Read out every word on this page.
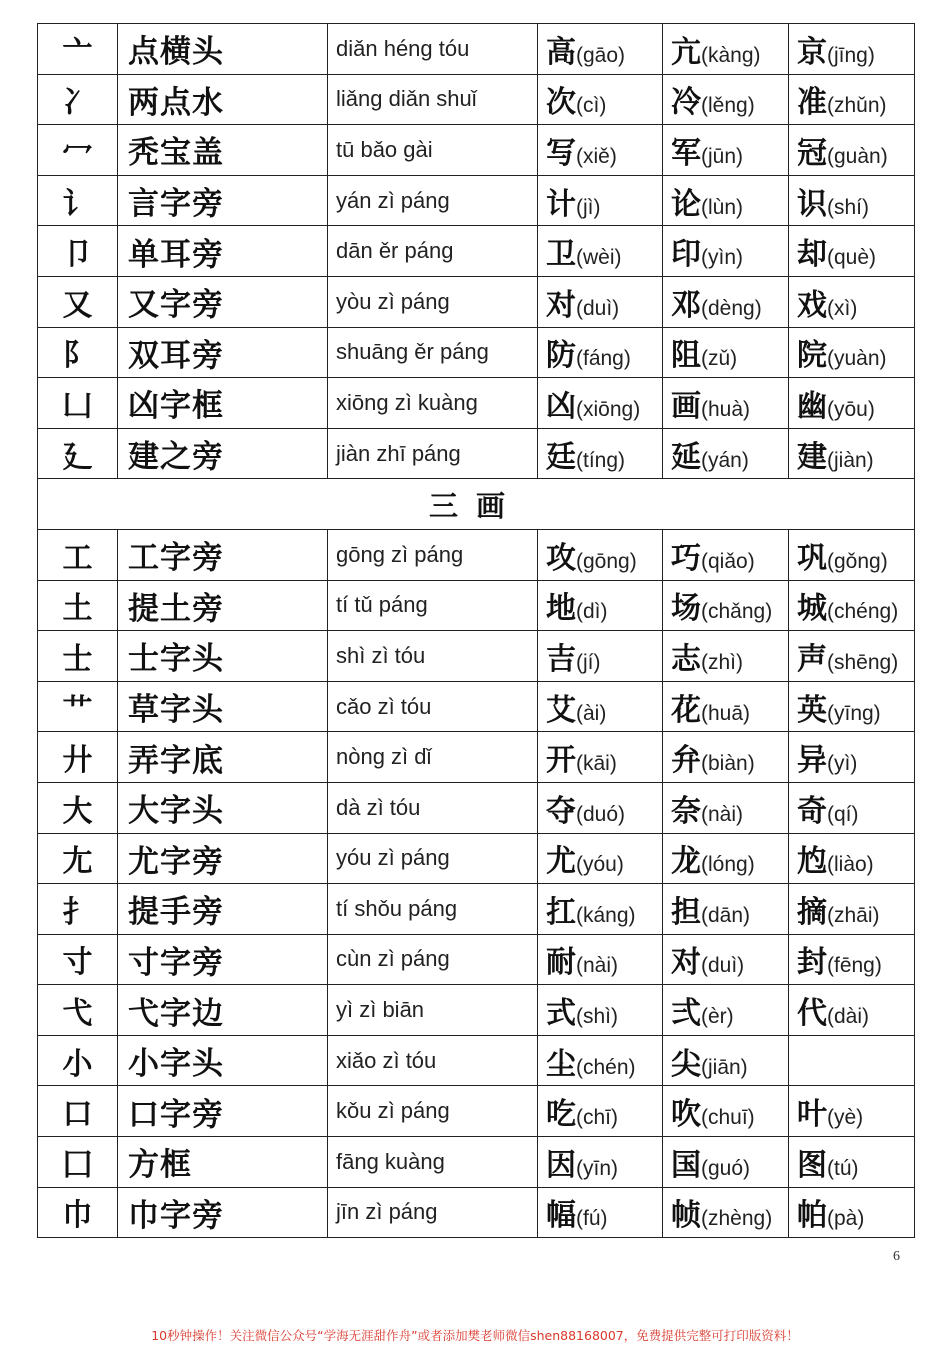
亠	点横头	diǎn héng tóu	高(gāo)	亢(kàng)	京(jīng)
冫	两点水	liǎng diǎn shuǐ	次(cì)	冷(lěng)	准(zhǔn)
冖	秃宝盖	tū bǎo gài	写(xiě)	军(jūn)	冠(guàn)
讠	言字旁	yán zì páng	计(jì)	论(lùn)	识(shí)
卩	单耳旁	dān ěr páng	卫(wèi)	印(yìn)	却(què)
又	又字旁	yòu zì páng	对(duì)	邓(dèng)	戏(xì)
阝	双耳旁	shuāng ěr páng	防(fáng)	阻(zǔ)	院(yuàn)
凵	凶字框	xiōng zì kuàng	凶(xiōng)	画(huà)	幽(yōu)
廴	建之旁	jiàn zhī páng	廷(tíng)	延(yán)	建(jiàn)
三画					
工	工字旁	gōng zì páng	攻(gōng)	巧(qiǎo)	巩(gǒng)
土	提土旁	tí tǔ páng	地(dì)	场(chǎng)	城(chéng)
士	士字头	shì zì tóu	吉(jí)	志(zhì)	声(shēng)
艹	草字头	cǎo zì tóu	艾(ài)	花(huā)	英(yīng)
廾	弄字底	nòng zì dǐ	开(kāi)	弁(biàn)	异(yì)
大	大字头	dà zì tóu	夺(duó)	奈(nài)	奇(qí)
尢	尤字旁	yóu zì páng	尤(yóu)	龙(lóng)	尥(liào)
扌	提手旁	tí shǒu páng	扛(káng)	担(dān)	摘(zhāi)
寸	寸字旁	cùn zì páng	耐(nài)	对(duì)	封(fēng)
弋	弋字边	yì zì biān	式(shì)	弍(èr)	代(dài)
小	小字头	xiǎo zì tóu	尘(chén)	尖(jiān)	
口	口字旁	kǒu zì páng	吃(chī)	吹(chuī)	叶(yè)
囗	方框	fāng kuàng	因(yīn)	国(guó)	图(tú)
巾	巾字旁	jīn zì páng	幅(fú)	帧(zhèng)	帕(pà)
6
10秒钟操作！关注微信公众号“学海无涯甜作舟”或者添加樊老师微信shen88168007，免费提供完整可打印版资料！
